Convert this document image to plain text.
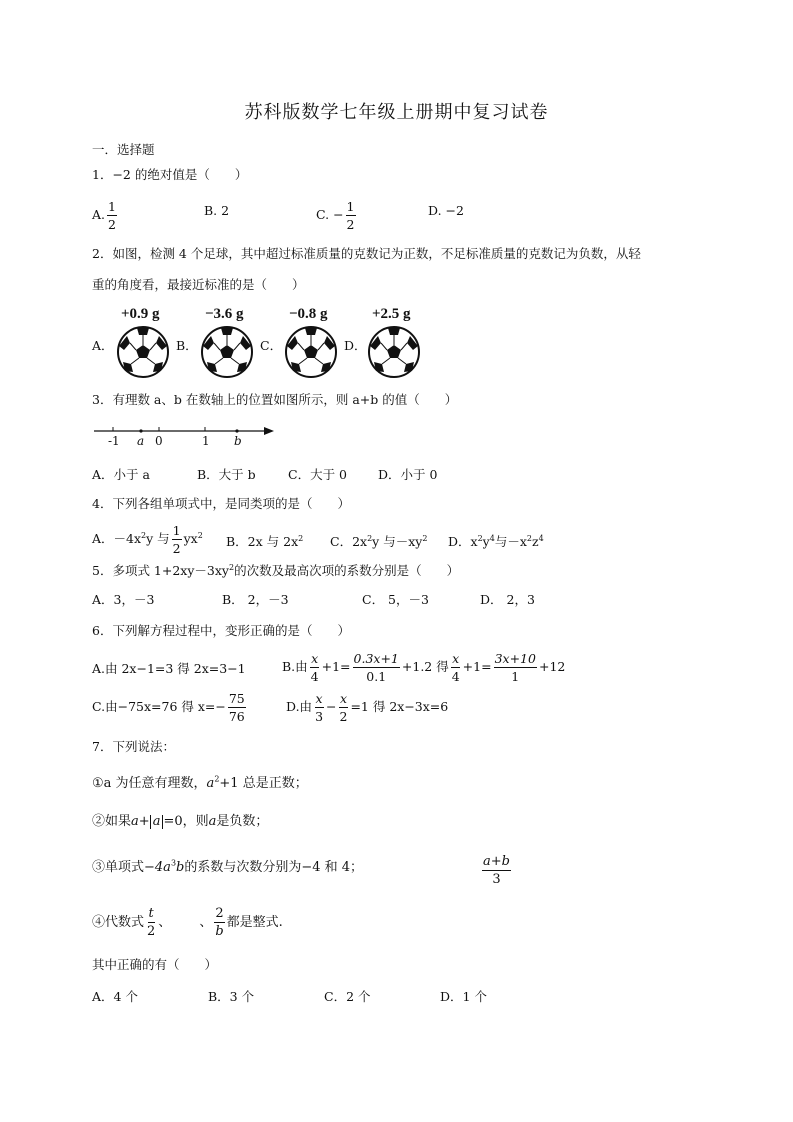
苏科版数学七年级上册期中复习试卷
一．选择题
1．−2 的绝对值是（　　）
A. $\frac{1}{2}$	B. 2	C. − $\frac{1}{2}$	D. −2
2．如图，检测 4 个足球，其中超过标准质量的克数记为正数，不足标准质量的克数记为负数，从轻
重的角度看，最接近标准的是（　　）
A．	B．	C．	D．
+0.9 g	−3.6 g	−0.8 g	+2.5 g
3．有理数 a、b 在数轴上的位置如图所示，则 a+b 的值（　　）
-1 a 0	1 b
A．小于 a	B．大于 b	C．大于 0 D．小于 0
4．下列各组单项式中，是同类项的是（　　）
A．$-4x^2y$ 与 $\frac{1}{2} yx^2$ B．2x 与 $2x^2$ C．$2x^2y$ 与$-xy^2$ D．$x^2y^4$与$-x^2z^4$
5．多项式 $1+2xy-3xy^2$的次数及最高次项的系数分别是（　　）
A．3，－3	B． 2，－3	C． 5，－3	D． 2，3
6．下列解方程过程中，变形正确的是（　　）
A.由 2x−1=3 得 2x=3−1	B.由 $\frac{x}{4} +1= \frac{0.3x+1}{0.1} +1.2$ 得 $\frac{x}{4} +1= \frac{3x+10}{1} +12$
C.由−75x=76 得 $x=- \frac{75}{76}$	D.由 $\frac{x}{3} - \frac{x}{2} =1$ 得 2x−3x=6
7．下列说法：
①a 为任意有理数，$a^2+1$ 总是正数；
②如果a+ a =0，则a是负数；
③单项式$-4a^3b$的系数与次数分别为−4 和 4；	$\frac{a+b}{3}$
④代数式 $\frac{t}{2}$ 、 、 $\frac{2}{b}$ 都是整式.
其中正确的有（　　）
A．4 个	B．3 个	C．2 个	D．1 个
